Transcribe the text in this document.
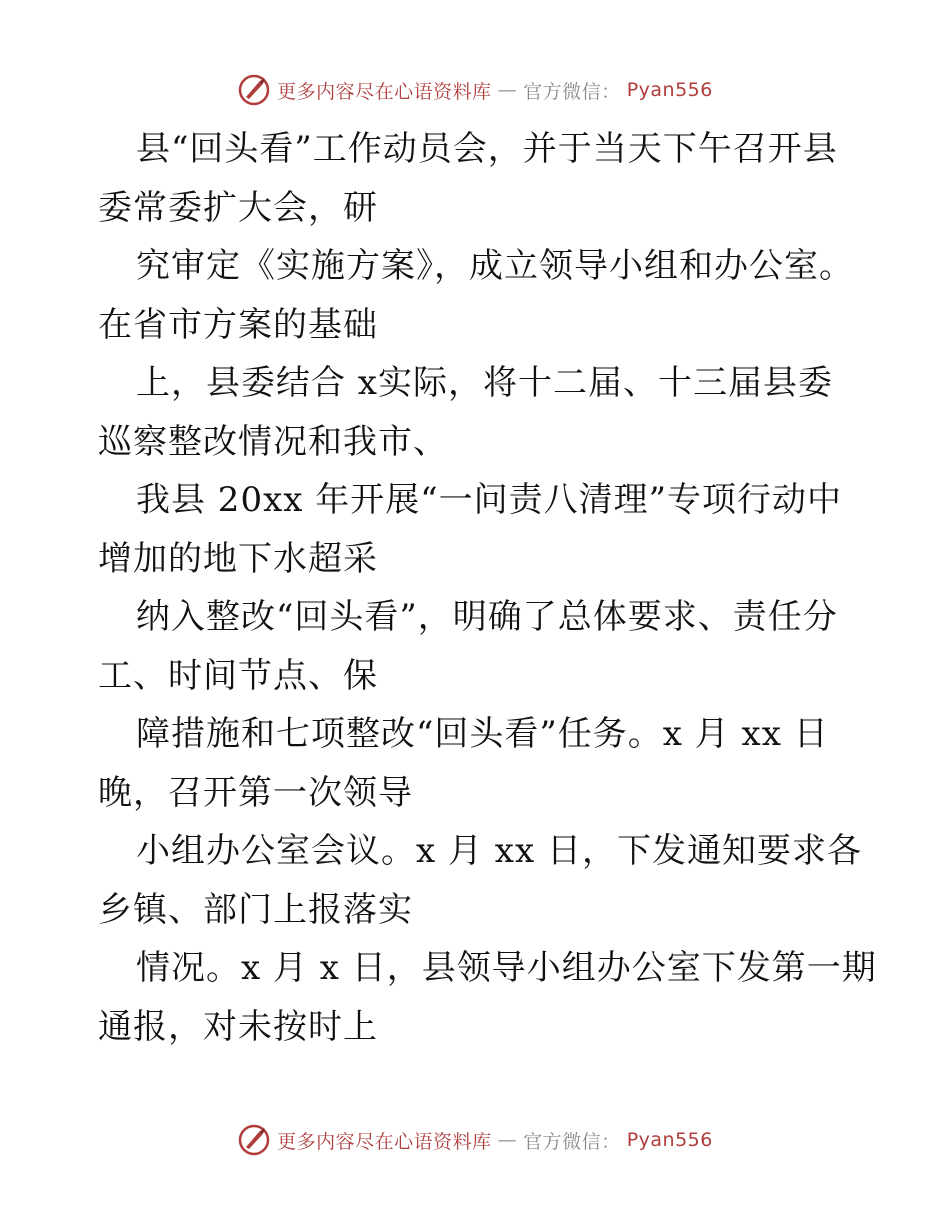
更多内容尽在心语资料库 — 官方微信： Pyan556
县“回头看”工作动员会，并于当天下午召开县
委常委扩大会，研
究审定《实施方案》，成立领导小组和办公室。
在省市方案的基础
上，县委结合 x实际，将十二届、十三届县委
巡察整改情况和我市、
我县 20xx 年开展“一问责八清理”专项行动中
增加的地下水超采
纳入整改“回头看”，明确了总体要求、责任分
工、时间节点、保
障措施和七项整改“回头看”任务。x 月 xx 日
晚，召开第一次领导
小组办公室会议。x 月 xx 日，下发通知要求各
乡镇、部门上报落实
情况。x 月 x 日，县领导小组办公室下发第一期
通报，对未按时上
更多内容尽在心语资料库 — 官方微信： Pyan556
